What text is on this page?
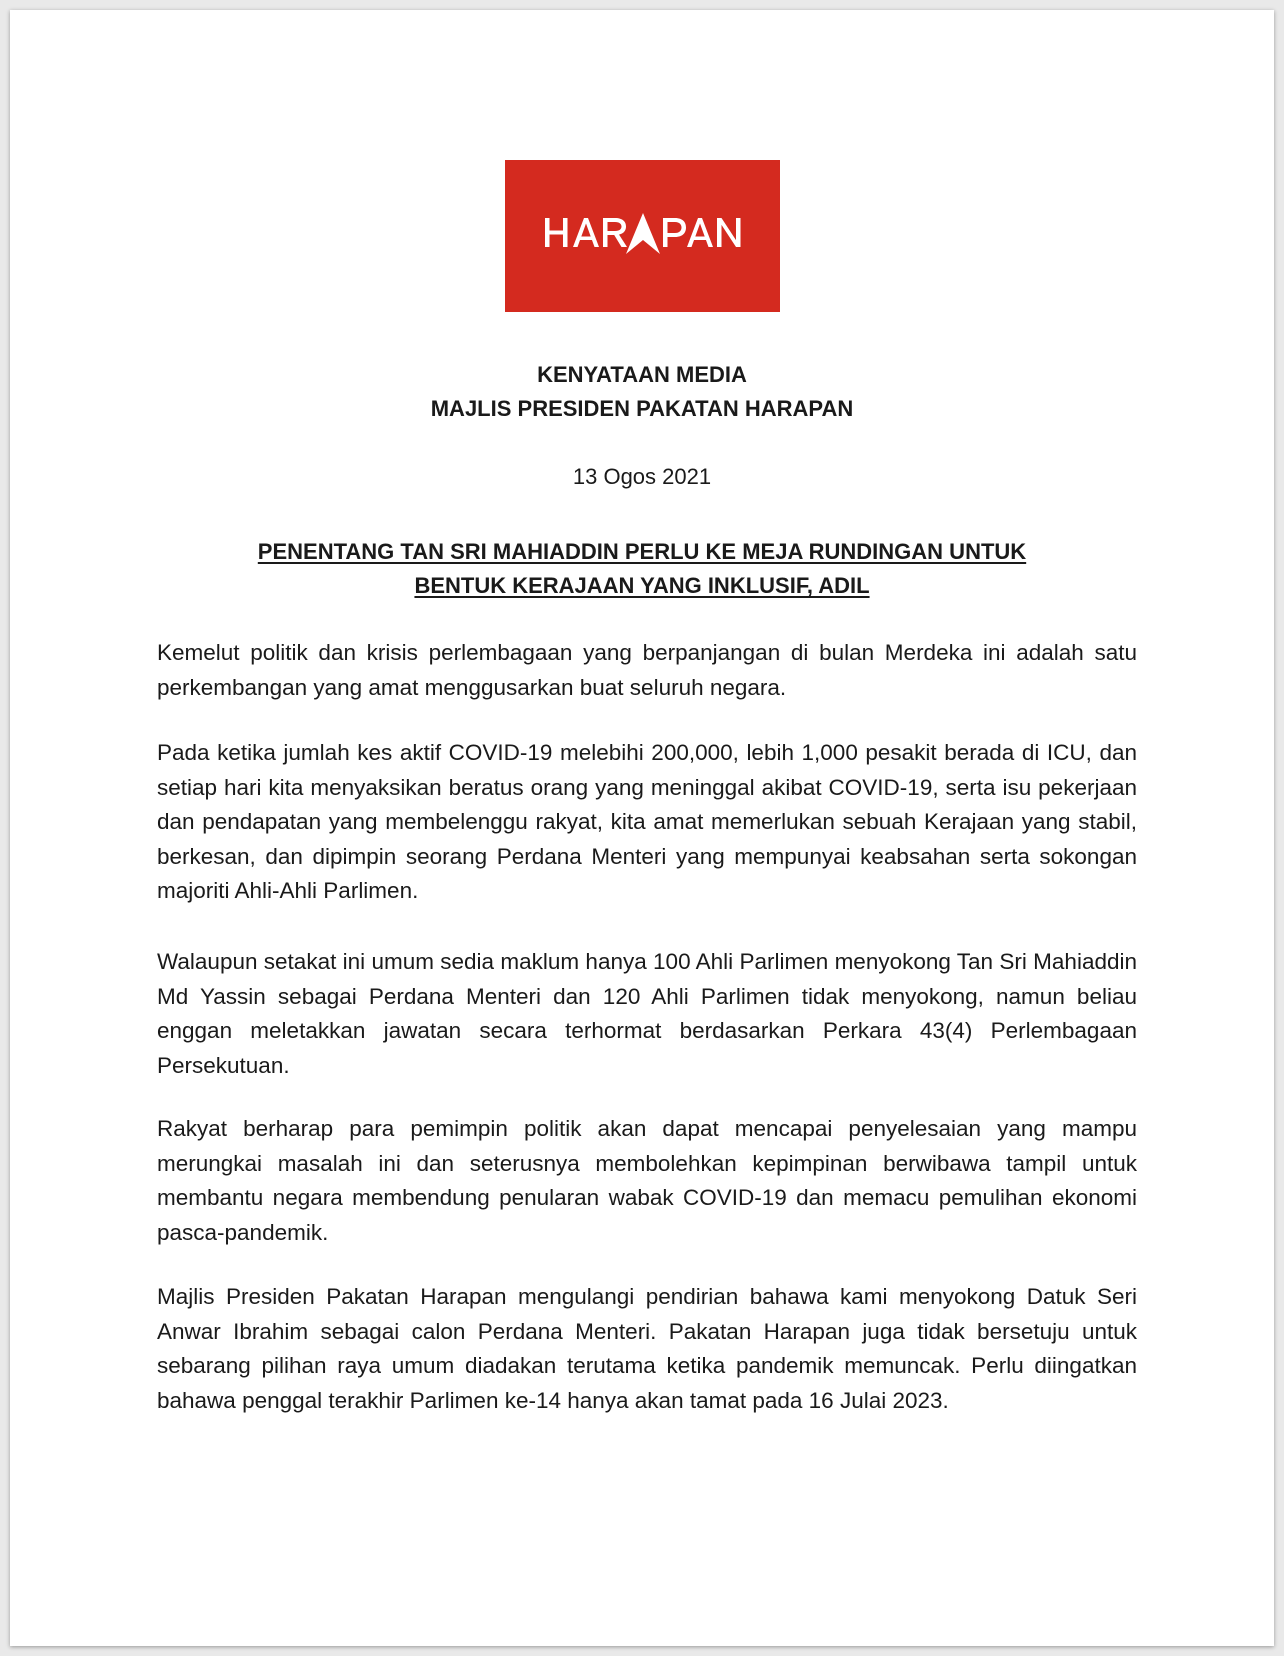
KENYATAAN MEDIA
MAJLIS PRESIDEN PAKATAN HARAPAN
13 Ogos 2021
PENENTANG TAN SRI MAHIADDIN PERLU KE MEJA RUNDINGAN UNTUK
BENTUK KERAJAAN YANG INKLUSIF, ADIL

Kemelut politik dan krisis perlembagaan yang berpanjangan di bulan Merdeka ini adalah satu perkembangan yang amat menggusarkan buat seluruh negara.

Pada ketika jumlah kes aktif COVID-19 melebihi 200,000, lebih 1,000 pesakit berada di ICU, dan setiap hari kita menyaksikan beratus orang yang meninggal akibat COVID-19, serta isu pekerjaan dan pendapatan yang membelenggu rakyat, kita amat memerlukan sebuah Kerajaan yang stabil, berkesan, dan dipimpin seorang Perdana Menteri yang mempunyai keabsahan serta sokongan majoriti Ahli-Ahli Parlimen.

Walaupun setakat ini umum sedia maklum hanya 100 Ahli Parlimen menyokong Tan Sri Mahiaddin Md Yassin sebagai Perdana Menteri dan 120 Ahli Parlimen tidak menyokong, namun beliau enggan meletakkan jawatan secara terhormat berdasarkan Perkara 43(4) Perlembagaan Persekutuan.

Rakyat berharap para pemimpin politik akan dapat mencapai penyelesaian yang mampu merungkai masalah ini dan seterusnya membolehkan kepimpinan berwibawa tampil untuk membantu negara membendung penularan wabak COVID-19 dan memacu pemulihan ekonomi pasca-pandemik.

Majlis Presiden Pakatan Harapan mengulangi pendirian bahawa kami menyokong Datuk Seri Anwar Ibrahim sebagai calon Perdana Menteri. Pakatan Harapan juga tidak bersetuju untuk sebarang pilihan raya umum diadakan terutama ketika pandemik memuncak. Perlu diingatkan bahawa penggal terakhir Parlimen ke-14 hanya akan tamat pada 16 Julai 2023.
